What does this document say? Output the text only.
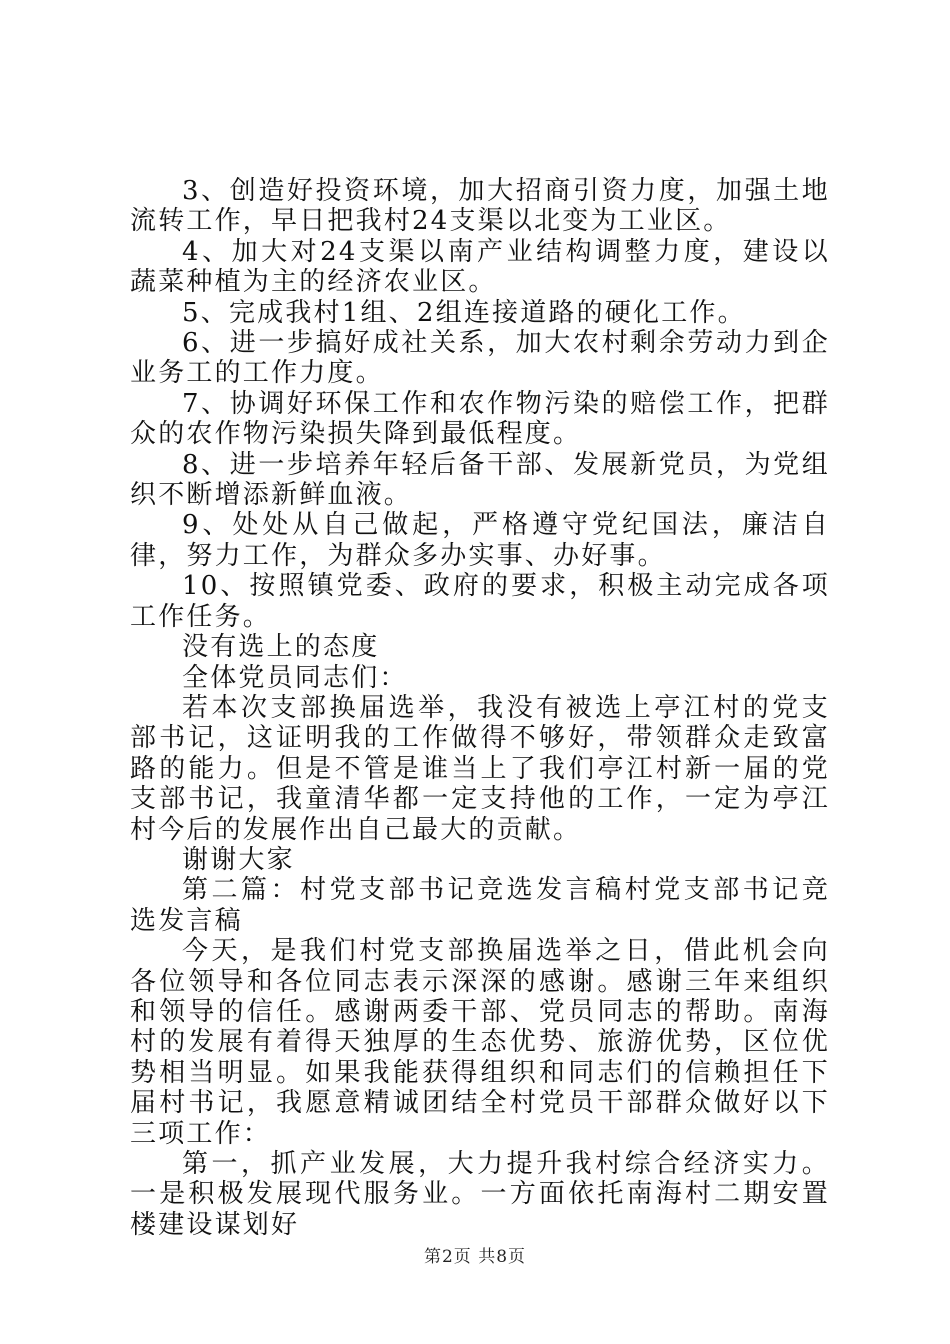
3、创造好投资环境，加大招商引资力度，加强土地流转工作，早日把我村24支渠以北变为工业区。

4、加大对24支渠以南产业结构调整力度，建设以蔬菜种植为主的经济农业区。

5、完成我村1组、2组连接道路的硬化工作。

6、进一步搞好成社关系，加大农村剩余劳动力到企业务工的工作力度。

7、协调好环保工作和农作物污染的赔偿工作，把群众的农作物污染损失降到最低程度。

8、进一步培养年轻后备干部、发展新党员，为党组织不断增添新鲜血液。

9、处处从自己做起，严格遵守党纪国法，廉洁自律，努力工作，为群众多办实事、办好事。

10、按照镇党委、政府的要求，积极主动完成各项工作任务。

没有选上的态度

全体党员同志们：

若本次支部换届选举，我没有被选上亭江村的党支部书记，这证明我的工作做得不够好，带领群众走致富路的能力。但是不管是谁当上了我们亭江村新一届的党支部书记，我童清华都一定支持他的工作，一定为亭江村今后的发展作出自己最大的贡献。

谢谢大家

第二篇：村党支部书记竞选发言稿村党支部书记竞选发言稿

今天，是我们村党支部换届选举之日，借此机会向各位领导和各位同志表示深深的感谢。感谢三年来组织和领导的信任。感谢两委干部、党员同志的帮助。南海村的发展有着得天独厚的生态优势、旅游优势，区位优势相当明显。如果我能获得组织和同志们的信赖担任下届村书记，我愿意精诚团结全村党员干部群众做好以下三项工作：

第一，抓产业发展，大力提升我村综合经济实力。一是积极发展现代服务业。一方面依托南海村二期安置楼建设谋划好

第2页 共8页
